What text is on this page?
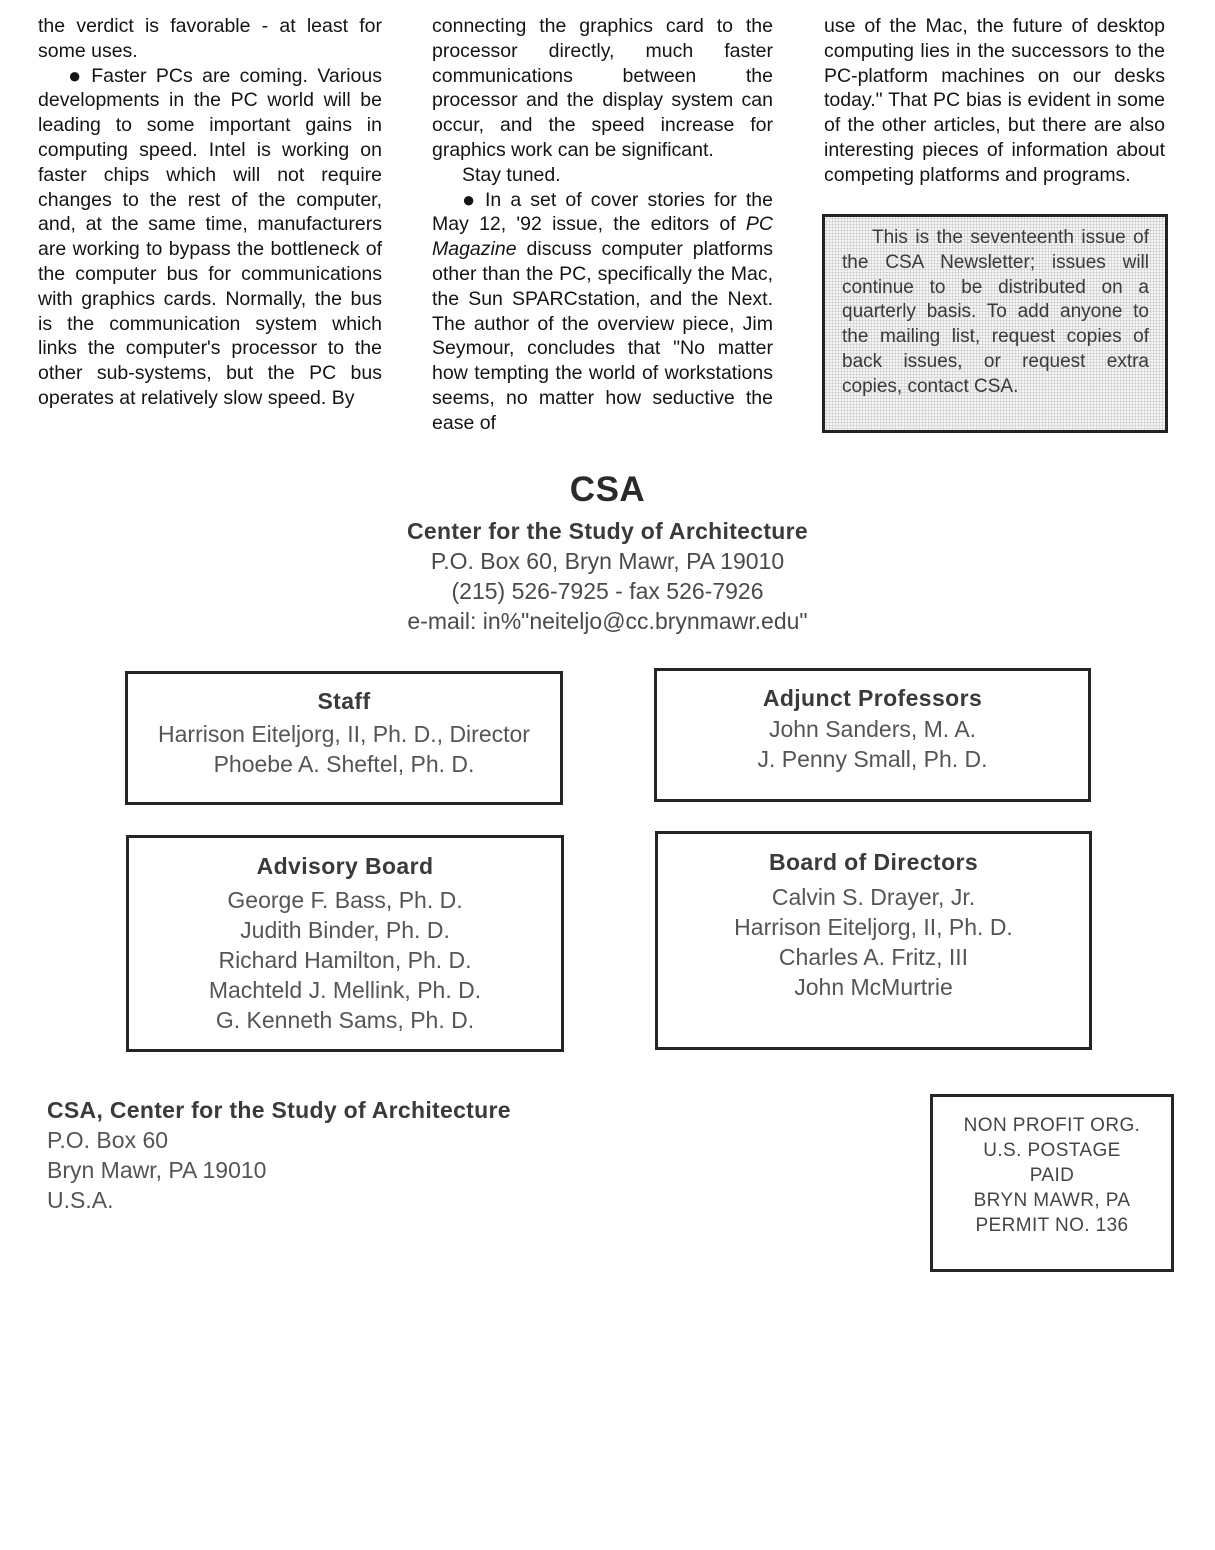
the verdict is favorable - at least for some uses.

● Faster PCs are coming. Various developments in the PC world will be leading to some important gains in computing speed. Intel is working on faster chips which will not require changes to the rest of the computer, and, at the same time, manufacturers are working to bypass the bottleneck of the computer bus for communications with graphics cards. Normally, the bus is the communication system which links the computer's processor to the other sub-systems, but the PC bus operates at relatively slow speed. By

connecting the graphics card to the processor directly, much faster communications between the processor and the display system can occur, and the speed increase for graphics work can be significant.

Stay tuned.

● In a set of cover stories for the May 12, '92 issue, the editors of PC Magazine discuss computer platforms other than the PC, specifically the Mac, the Sun SPARCstation, and the Next. The author of the overview piece, Jim Seymour, concludes that "No matter how tempting the world of workstations seems, no matter how seductive the ease of

use of the Mac, the future of desktop computing lies in the successors to the PC-platform machines on our desks today." That PC bias is evident in some of the other articles, but there are also interesting pieces of information about competing platforms and programs.

This is the seventeenth issue of the CSA Newsletter; issues will continue to be distributed on a quarterly basis. To add anyone to the mailing list, request copies of back issues, or request extra copies, contact CSA.
CSA
Center for the Study of Architecture
P.O. Box 60, Bryn Mawr, PA 19010
(215) 526-7925 - fax 526-7926
e-mail: in%"neiteljo@cc.brynmawr.edu"
Staff
Harrison Eiteljorg, II, Ph. D., Director
Phoebe A. Sheftel, Ph. D.
Adjunct Professors
John Sanders, M. A.
J. Penny Small, Ph. D.
Advisory Board
George F. Bass, Ph. D.
Judith Binder, Ph. D.
Richard Hamilton, Ph. D.
Machteld J. Mellink, Ph. D.
G. Kenneth Sams, Ph. D.
Board of Directors
Calvin S. Drayer, Jr.
Harrison Eiteljorg, II, Ph. D.
Charles A. Fritz, III
John McMurtrie
CSA, Center for the Study of Architecture
P.O. Box 60
Bryn Mawr, PA 19010
U.S.A.
NON PROFIT ORG.
U.S. POSTAGE
PAID
BRYN MAWR, PA
PERMIT NO. 136
